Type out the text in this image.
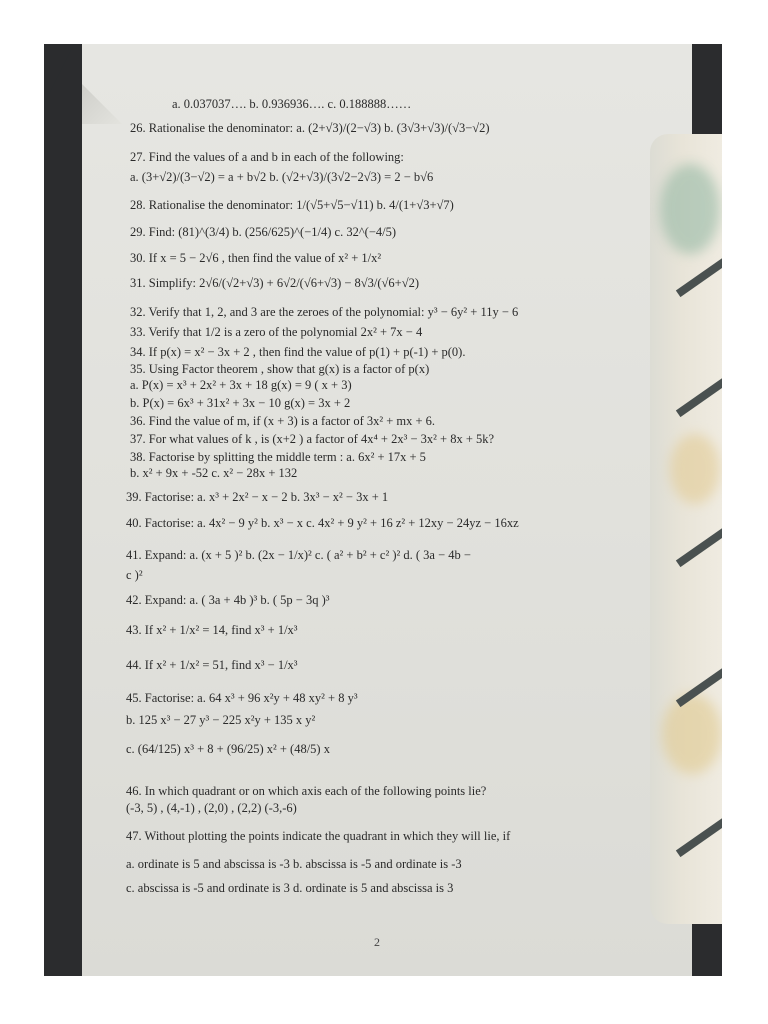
a. 0.037037…. b. 0.936936…. c. 0.188888……
26. Rationalise the denominator: a. (2+√3)/(2−√3) b. (3√3+√3)/(√3−√2)
27. Find the values of a and b in each of the following:
a. (3+√2)/(3−√2) = a + b√2 b. (√2+√3)/(3√2−2√3) = 2 − b√6
28. Rationalise the denominator: 1/(√5+√5−√11) b. 4/(1+√3+√7)
29. Find: (81)^(3/4) b. (256/625)^(−1/4) c. 32^(−4/5)
30. If x = 5 − 2√6 , then find the value of x² + 1/x²
31. Simplify: 2√6/(√2+√3) + 6√2/(√6+√3) − 8√3/(√6+√2)
32. Verify that 1, 2, and 3 are the zeroes of the polynomial: y³ − 6y² + 11y − 6
33. Verify that 1/2 is a zero of the polynomial 2x² + 7x − 4
34. If p(x) = x² − 3x + 2 , then find the value of p(1) + p(-1) + p(0).
35. Using Factor theorem , show that g(x) is a factor of p(x)
a. P(x) = x³ + 2x² + 3x + 18 g(x) = 9 ( x + 3)
b. P(x) = 6x³ + 31x² + 3x − 10 g(x) = 3x + 2
36. Find the value of m, if (x + 3) is a factor of 3x² + mx + 6.
37. For what values of k , is (x+2 ) a factor of 4x⁴ + 2x³ − 3x² + 8x + 5k?
38. Factorise by splitting the middle term : a. 6x² + 17x + 5
b. x² + 9x + -52 c. x² − 28x + 132
39. Factorise: a. x³ + 2x² − x − 2 b. 3x³ − x² − 3x + 1
40. Factorise: a. 4x² − 9 y² b. x³ − x c. 4x² + 9 y² + 16 z² + 12xy − 24yz − 16xz
41. Expand: a. (x + 5 )² b. (2x − 1/x)² c. ( a² + b² + c² )² d. ( 3a − 4b −
c )²
42. Expand: a. ( 3a + 4b )³ b. ( 5p − 3q )³
43. If x² + 1/x² = 14, find x³ + 1/x³
44. If x² + 1/x² = 51, find x³ − 1/x³
45. Factorise: a. 64 x³ + 96 x²y + 48 xy² + 8 y³
b. 125 x³ − 27 y³ − 225 x²y + 135 x y²
c. (64/125) x³ + 8 + (96/25) x² + (48/5) x
46. In which quadrant or on which axis each of the following points lie?
(-3, 5) , (4,-1) , (2,0) , (2,2) (-3,-6)
47. Without plotting the points indicate the quadrant in which they will lie, if
a. ordinate is 5 and abscissa is -3 b. abscissa is -5 and ordinate is -3
c. abscissa is -5 and ordinate is 3 d. ordinate is 5 and abscissa is 3
2
